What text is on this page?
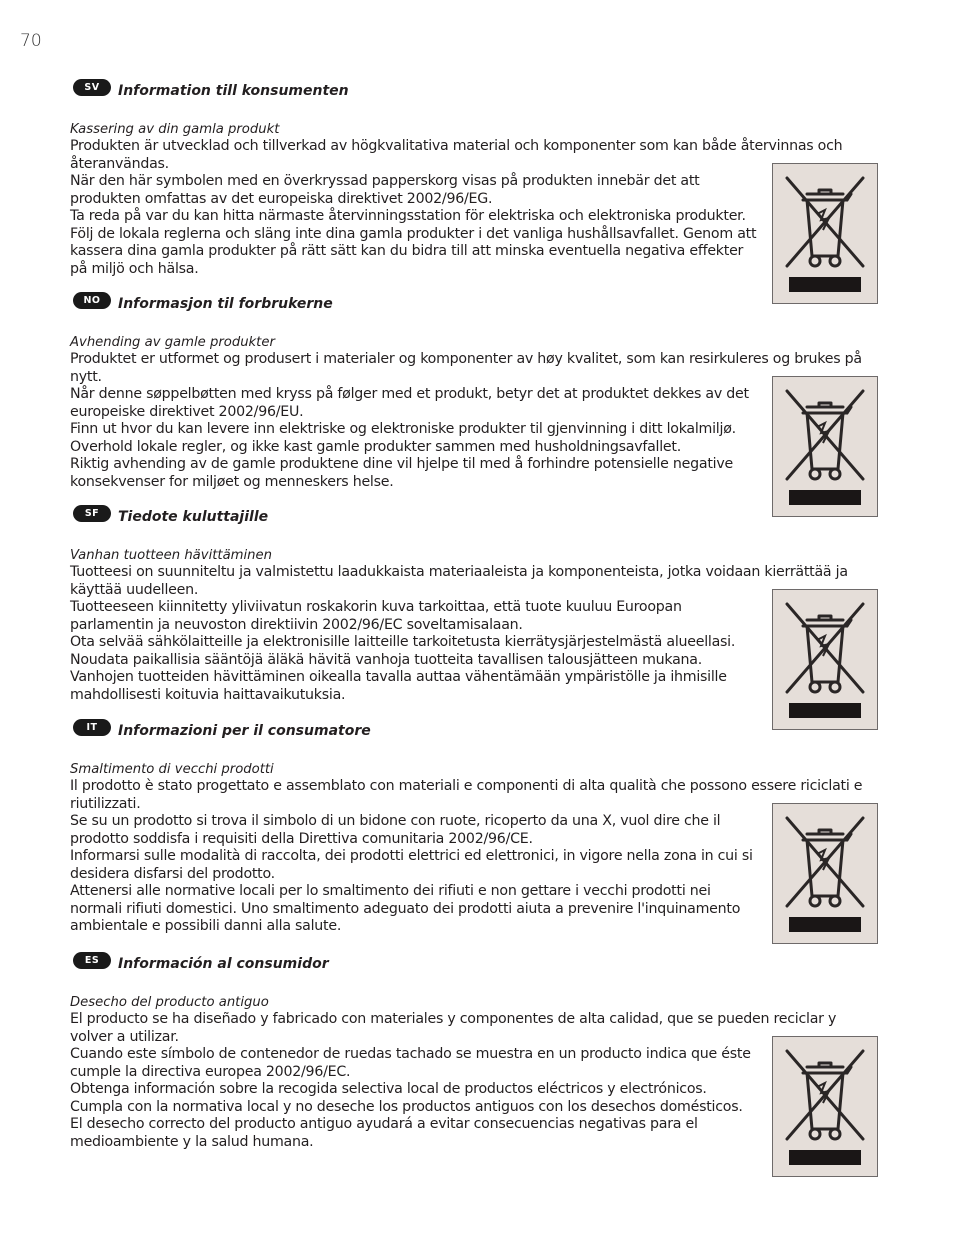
70
SV	Information till konsumenten
Kassering av din gamla produkt
Produkten är utvecklad och tillverkad av högkvalitativa material och komponenter som kan både återvinnas och återanvändas.

När den här symbolen med en överkryssad papperskorg visas på produkten innebär det att produkten omfattas av det europeiska direktivet 2002/96/EG.

Ta reda på var du kan hitta närmaste återvinningsstation för elektriska och elektroniska produkter.

Följ de lokala reglerna och släng inte dina gamla produkter i det vanliga hushållsavfallet. Genom att kassera dina gamla produkter på rätt sätt kan du bidra till att minska eventuella negativa effekter på miljö och hälsa.

NO	Informasjon til forbrukerne
Avhending av gamle produkter
Produktet er utformet og produsert i materialer og komponenter av høy kvalitet, som kan resirkuleres og brukes på nytt.

Når denne søppelbøtten med kryss på følger med et produkt, betyr det at produktet dekkes av det europeiske direktivet 2002/96/EU.

Finn ut hvor du kan levere inn elektriske og elektroniske produkter til gjenvinning i ditt lokalmiljø.

Overhold lokale regler, og ikke kast gamle produkter sammen med husholdningsavfallet.

Riktig avhending av de gamle produktene dine vil hjelpe til med å forhindre potensielle negative konsekvenser for miljøet og menneskers helse.

SF	Tiedote kuluttajille
Vanhan tuotteen hävittäminen
Tuotteesi on suunniteltu ja valmistettu laadukkaista materiaaleista ja komponenteista, jotka voidaan kierrättää ja käyttää uudelleen.

Tuotteeseen kiinnitetty yliviivatun roskakorin kuva tarkoittaa, että tuote kuuluu Euroopan parlamentin ja neuvoston direktiivin 2002/96/EC soveltamisalaan.

Ota selvää sähkölaitteille ja elektronisille laitteille tarkoitetusta kierrätysjärjestelmästä alueellasi.

Noudata paikallisia sääntöjä äläkä hävitä vanhoja tuotteita tavallisen talousjätteen mukana.

Vanhojen tuotteiden hävittäminen oikealla tavalla auttaa vähentämään ympäristölle ja ihmisille mahdollisesti koituvia haittavaikutuksia.

IT	Informazioni per il consumatore
Smaltimento di vecchi prodotti
Il prodotto è stato progettato e assemblato con materiali e componenti di alta qualità che possono essere riciclati e riutilizzati.

Se su un prodotto si trova il simbolo di un bidone con ruote, ricoperto da una X, vuol dire che il prodotto soddisfa i requisiti della Direttiva comunitaria 2002/96/CE.

Informarsi sulle modalità di raccolta, dei prodotti elettrici ed elettronici, in vigore nella zona in cui si desidera disfarsi del prodotto.

Attenersi alle normative locali per lo smaltimento dei rifiuti e non gettare i vecchi prodotti nei normali rifiuti domestici. Uno smaltimento adeguato dei prodotti aiuta a prevenire l'inquinamento ambientale e possibili danni alla salute.

ES	Información al consumidor
Desecho del producto antiguo
El producto se ha diseñado y fabricado con materiales y componentes de alta calidad, que se pueden reciclar y volver a utilizar.

Cuando este símbolo de contenedor de ruedas tachado se muestra en un producto indica que éste cumple la directiva europea 2002/96/EC.

Obtenga información sobre la recogida selectiva local de productos eléctricos y electrónicos.

Cumpla con la normativa local y no deseche los productos antiguos con los desechos domésticos.

El desecho correcto del producto antiguo ayudará a evitar consecuencias negativas para el medioambiente y la salud humana.
